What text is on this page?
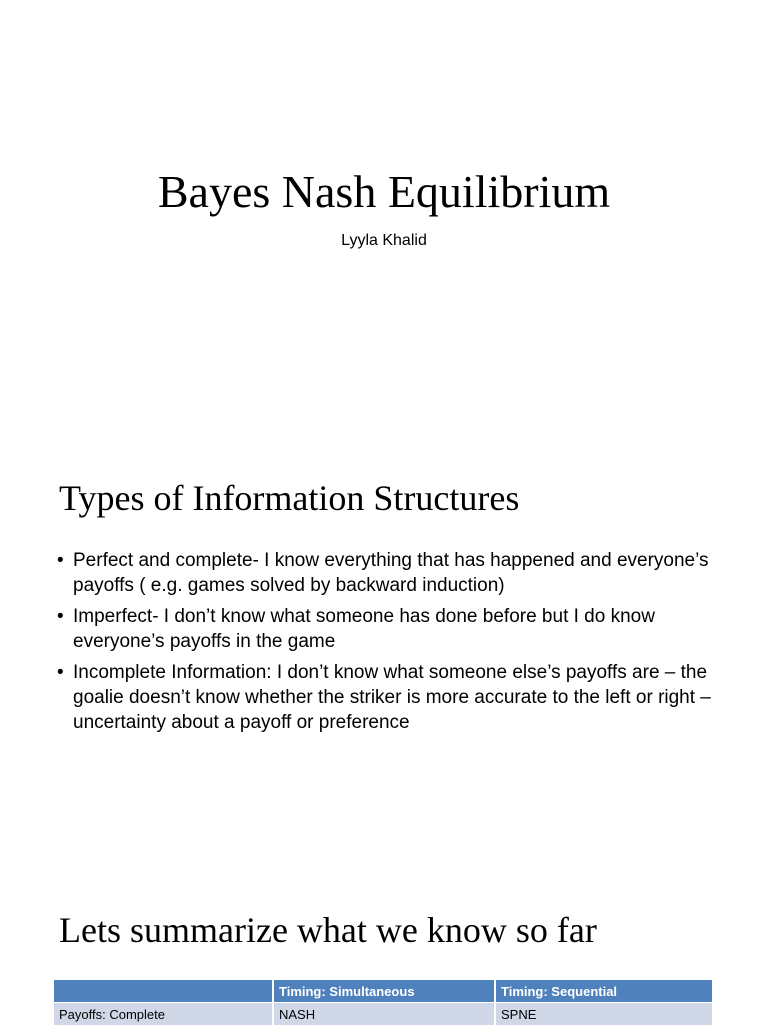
Bayes Nash Equilibrium

Lyyla Khalid

Types of Information Structures
• Perfect and complete- I know everything that has happened and everyone’s payoffs ( e.g. games solved by backward induction)
• Imperfect- I don’t know what someone has done before but I do know everyone’s payoffs in the game
• Incomplete Information: I don’t know what someone else’s payoffs are – the goalie doesn’t know whether the striker is more accurate to the left or right – uncertainty about a payoff or preference
Lets summarize what we know so far
	Timing: Simultaneous	Timing: Sequential
Payoffs: Complete	NASH	SPNE
